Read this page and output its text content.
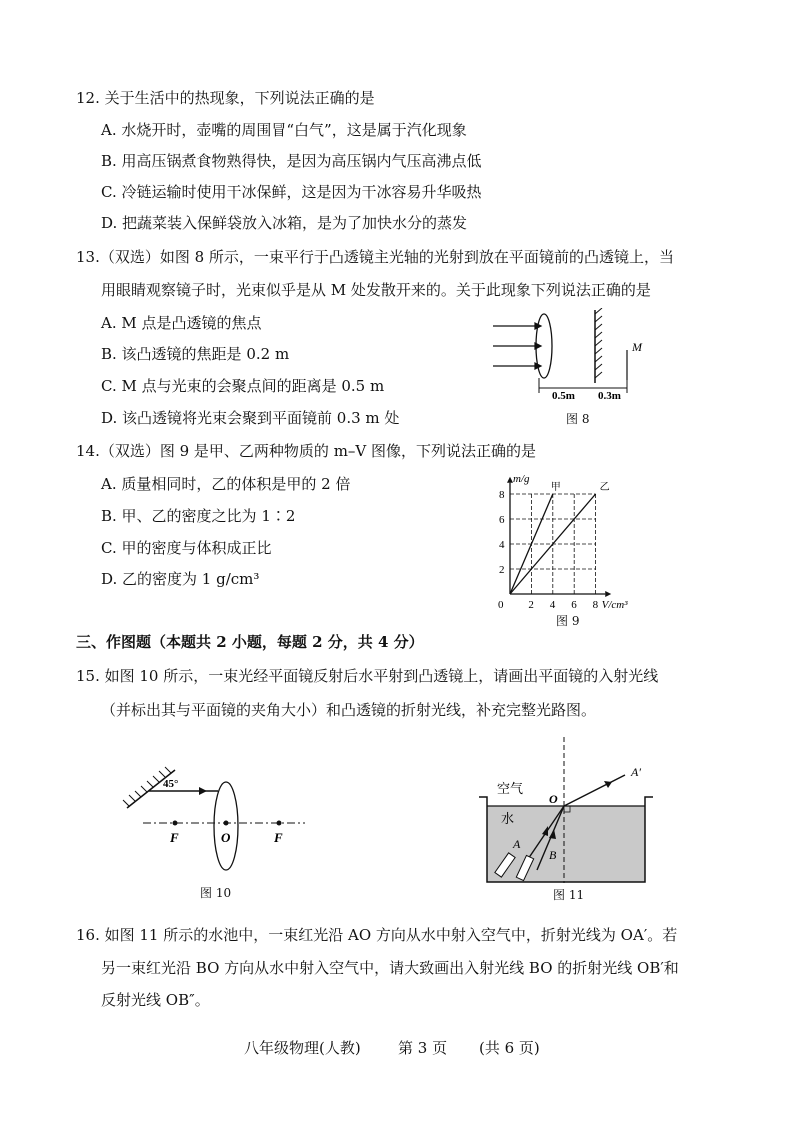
12. 关于生活中的热现象，下列说法正确的是
A. 水烧开时，壶嘴的周围冒“白气”，这是属于汽化现象
B. 用高压锅煮食物熟得快，是因为高压锅内气压高沸点低
C. 冷链运输时使用干冰保鲜，这是因为干冰容易升华吸热
D. 把蔬菜装入保鲜袋放入冰箱，是为了加快水分的蒸发
13.（双选）如图 8 所示，一束平行于凸透镜主光轴的光射到放在平面镜前的凸透镜上，当
用眼睛观察镜子时，光束似乎是从 M 处发散开来的。关于此现象下列说法正确的是
A. M 点是凸透镜的焦点
B. 该凸透镜的焦距是 0.2 m
C. M 点与光束的会聚点间的距离是 0.5 m
D. 该凸透镜将光束会聚到平面镜前 0.3 m 处
M
0.5m 0.3m
图 8
14.（双选）图 9 是甲、乙两种物质的 m–V 图像，下列说法正确的是
A. 质量相同时，乙的体积是甲的 2 倍
B. 甲、乙的密度之比为 1∶2
C. 甲的密度与体积成正比
D. 乙的密度为 1 g/cm³
甲	乙
2 4 6 8
2
4
6
8
0
m/g
V/cm³
图 9
三、作图题（本题共 2 小题，每题 2 分，共 4 分）
15. 如图 10 所示，一束光经平面镜反射后水平射到凸透镜上，请画出平面镜的入射光线
（并标出其与平面镜的夹角大小）和凸透镜的折射光线，补充完整光路图。
45°
F	O	F
图 10
空气
水
O
A′
A
B
图 11
16. 如图 11 所示的水池中，一束红光沿 AO 方向从水中射入空气中，折射光线为 OA′。若
另一束红光沿 BO 方向从水中射入空气中，请大致画出入射光线 BO 的折射光线 OB′和
反射光线 OB″。
八年级物理(人教) 第 3 页 (共 6 页)
